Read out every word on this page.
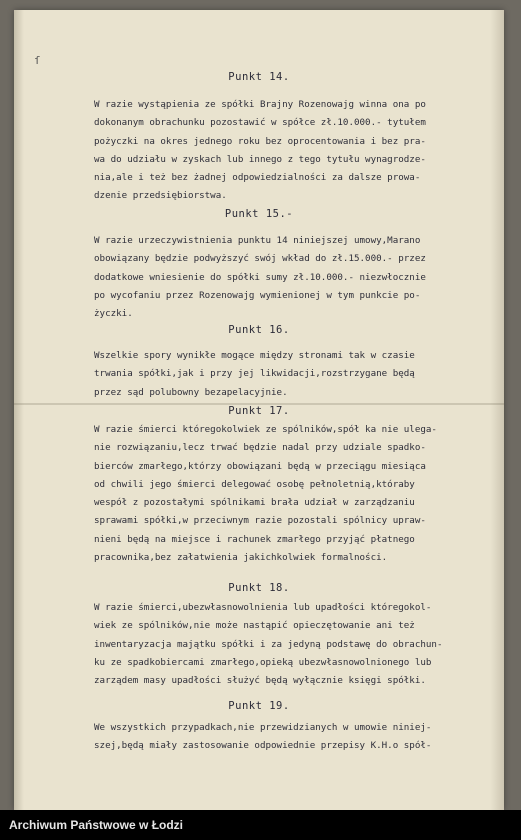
ſ
Punkt 14.
W razie wystąpienia ze spółki Brajny Rozenowajg winna ona po
dokonanym obrachunku pozostawić w spółce zł.10.000.- tytułem
pożyczki na okres jednego roku bez oprocentowania i bez pra-
wa do udziału w zyskach lub innego z tego tytułu wynagrodze-
nia,ale i też bez żadnej odpowiedzialności za dalsze prowa-
dzenie przedsiębiorstwa.
Punkt 15.-
W razie urzeczywistnienia punktu 14 niniejszej umowy,Marano
obowiązany będzie podwyższyć swój wkład do zł.15.000.- przez
dodatkowe wniesienie do spółki sumy zł.10.000.- niezwłocznie
po wycofaniu przez Rozenowajg wymienionej w tym punkcie po-
życzki.
Punkt 16.
Wszelkie spory wynikłe mogące między stronami tak w czasie
trwania spółki,jak i przy jej likwidacji,rozstrzygane będą
przez sąd polubowny bezapelacyjnie.
Punkt 17.
W razie śmierci któregokolwiek ze spólników,spół ka nie ulega-
nie rozwiązaniu,lecz trwać będzie nadal przy udziale spadko-
bierców zmarłego,którzy obowiązani będą w przeciągu miesiąca
od chwili jego śmierci delegować osobę pełnoletnią,któraby
wespół z pozostałymi spólnikami brała udział w zarządzaniu
sprawami spółki,w przeciwnym razie pozostali spólnicy upraw-
nieni będą na miejsce i rachunek zmarłego przyjąć płatnego
pracownika,bez załatwienia jakichkolwiek formalności.
Punkt 18.
W razie śmierci,ubezwłasnowolnienia lub upadłości któregokol-
wiek ze spólników,nie może nastąpić opieczętowanie ani też
inwentaryzacja majątku spółki i za jedyną podstawę do obrachun-
ku ze spadkobiercami zmarłego,opieką ubezwłasnowolnionego lub
zarządem masy upadłości służyć będą wyłącznie księgi spółki.
Punkt 19.
We wszystkich przypadkach,nie przewidzianych w umowie niniej-
szej,będą miały zastosowanie odpowiednie przepisy K.H.o spół-
Archiwum Państwowe w Łodzi
